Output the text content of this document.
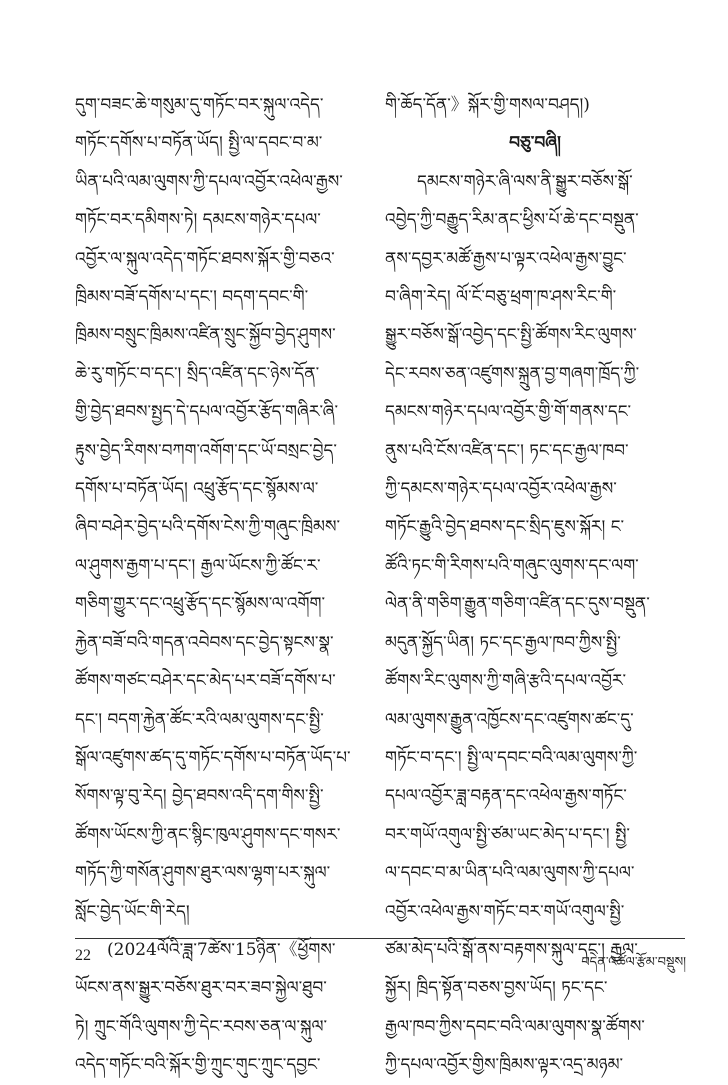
དུག་བཟང་ཆེ་གསུམ་དུ་གཏོང་བར་སྐུལ་འདེད་

གཏོང་དགོས་པ་བཏོན་ཡོད། སྤྱི་ལ་དབང་བ་མ་

ཡིན་པའི་ལམ་ལུགས་ཀྱི་དཔལ་འབྱོར་འཕེལ་རྒྱས་

གཏོང་བར་དམིགས་ཏེ། དམངས་གཉེར་དཔལ་

འབྱོར་ལ་སྐུལ་འདེད་གཏོང་ཐབས་སྐོར་གྱི་བཅའ་

ཁྲིམས་བཟོ་དགོས་པ་དང་། བདག་དབང་གི་

ཁྲིམས་བསྲུང་ཁྲིམས་འཛིན་སྲུང་སྐྱོབ་བྱེད་ཤུགས་

ཆེ་རུ་གཏོང་བ་དང་། སྲིད་འཛིན་དང་ཉེས་དོན་

གྱི་བྱེད་ཐབས་སྤྱད་དེ་དཔལ་འབྱོར་རྩོད་གཞིར་ཞི་

རྟུས་བྱེད་རིགས་བཀག་འགོག་དང་ཡོ་བསྲང་བྱེད་

དགོས་པ་བཏོན་ཡོད། འཕྲུ་རྩོད་དང་སྙོམས་ལ་

ཞིབ་བཤེར་བྱེད་པའི་དགོས་ངེས་ཀྱི་གཞུང་ཁྲིམས་

ལ་ཤུགས་རྒྱག་པ་དང་། རྒྱལ་ཡོངས་ཀྱི་ཚོང་ར་

གཅིག་གྱུར་དང་འཕྲུ་རྩོད་དང་སྙོམས་ལ་འགོག་

རྐྱེན་བཟོ་བའི་གདན་འབེབས་དང་བྱེད་སྟངས་སྣ་

ཚོགས་གཙང་བཤེར་དང་མེད་པར་བཟོ་དགོས་པ་

དང་། བདག་རྐྱེན་ཚོང་རའི་ལམ་ལུགས་དང་སྤྱི་

སྒོལ་འཛུགས་ཚད་དུ་གཏོང་དགོས་པ་བཏོན་ཡོད་པ་

སོགས་ལྟ་བུ་རེད། བྱེད་ཐབས་འདི་དག་གིས་སྤྱི་

ཚོགས་ཡོངས་ཀྱི་ནང་སྙིང་ཁུལ་ཤུགས་དང་གསར་

གཏོད་ཀྱི་གསོན་ཤུགས་ཐུར་ལས་ལྷག་པར་སྐུལ་

སློང་བྱེད་ཡོང་གི་རེད།

(2024ལོའི་ཟླ་7ཚེས་15ཉིན་《ཕྱོགས་

ཡོངས་ནས་སྒྱུར་བཅོས་ཐུར་བར་ཟབ་སྐྱེལ་ཐུབ་

ཏེ། ཀྲུང་གོའི་ལུགས་ཀྱི་དེང་རབས་ཅན་ལ་སྐུལ་

འདེད་གཏོང་བའི་སྐོར་གྱི་ཀྲུང་གུང་ཀྲུང་དབྱང་

གི་ཆོད་དོན་》སྐོར་གྱི་གསལ་བཤད།)

བཅུ་བཞི།

དམངས་གཉེར་ཞི་ལས་ནི་སྒྱུར་བཅོས་སྒོ་

འབྱེད་ཀྱི་བརྒྱུད་རིམ་ནང་ཕྱིས་པོ་ཆེ་དང་བསྡུན་

ནས་དབྱར་མཚོ་རྒྱས་པ་ལྟར་འཕེལ་རྒྱས་བྱུང་

བ་ཞིག་རེད། ལོ་ངོ་བཅུ་ཕྲག་ཁ་ཤས་རིང་གི་

སྒྱུར་བཅོས་སྒོ་འབྱེད་དང་སྤྱི་ཚོགས་རིང་ལུགས་

དེང་རབས་ཅན་འཛུགས་སྐྲུན་བྱ་གཞག་ཁྲོད་ཀྱི་

དམངས་གཉེར་དཔལ་འབྱོར་གྱི་གོ་གནས་དང་

ནུས་པའི་ངོས་འཛིན་དང་། ཏང་དང་རྒྱལ་ཁབ་

ཀྱི་དམངས་གཉེར་དཔལ་འབྱོར་འཕེལ་རྒྱས་

གཏོང་རྒྱུའི་བྱེད་ཐབས་དང་སྲིད་ཇུས་སྐོར། ང་

ཚོའི་ཏང་གི་རིགས་པའི་གཞུང་ལུགས་དང་ལག་

ལེན་ནི་གཅིག་རྒྱུན་གཅིག་འཛིན་དང་དུས་བསྡུན་

མདུན་སྐྱོད་ཡིན། ཏང་དང་རྒྱལ་ཁབ་ཀྱིས་སྤྱི་

ཚོགས་རིང་ལུགས་ཀྱི་གཞི་རྩའི་དཔལ་འབྱོར་

ལམ་ལུགས་རྒྱུན་འཁྱོངས་དང་འཛུགས་ཚང་དུ་

གཏོང་བ་དང་། སྤྱི་ལ་དབང་བའི་ལམ་ལུགས་ཀྱི་

དཔལ་འབྱོར་ཟླ་བརྟན་དང་འཕེལ་རྒྱས་གཏོང་

བར་གཡོ་འགུལ་སྤྱི་ཙམ་ཡང་མེད་པ་དང་། སྤྱི་

ལ་དབང་བ་མ་ཡིན་པའི་ལམ་ལུགས་ཀྱི་དཔལ་

འབྱོར་འཕེལ་རྒྱས་གཏོང་བར་གཡོ་འགུལ་སྤྱི་

ཙམ་མེད་པའི་སྒོ་ནས་བརྟགས་སྐུལ་དང་། རྒྱལ་

སྐྱོར། ཁྲིད་སྟོན་བཅས་བྱས་ཡོད། ཏང་དང་

རྒྱལ་ཁབ་ཀྱིས་དབང་བའི་ལམ་ལུགས་སྣ་ཚོགས་

ཀྱི་དཔལ་འབྱོར་གྱིས་ཁྲིམས་ལྟར་འདྲ་མཉམ་

22	བདེན་འཚོལ་རྩོམ་བསྡུས།
